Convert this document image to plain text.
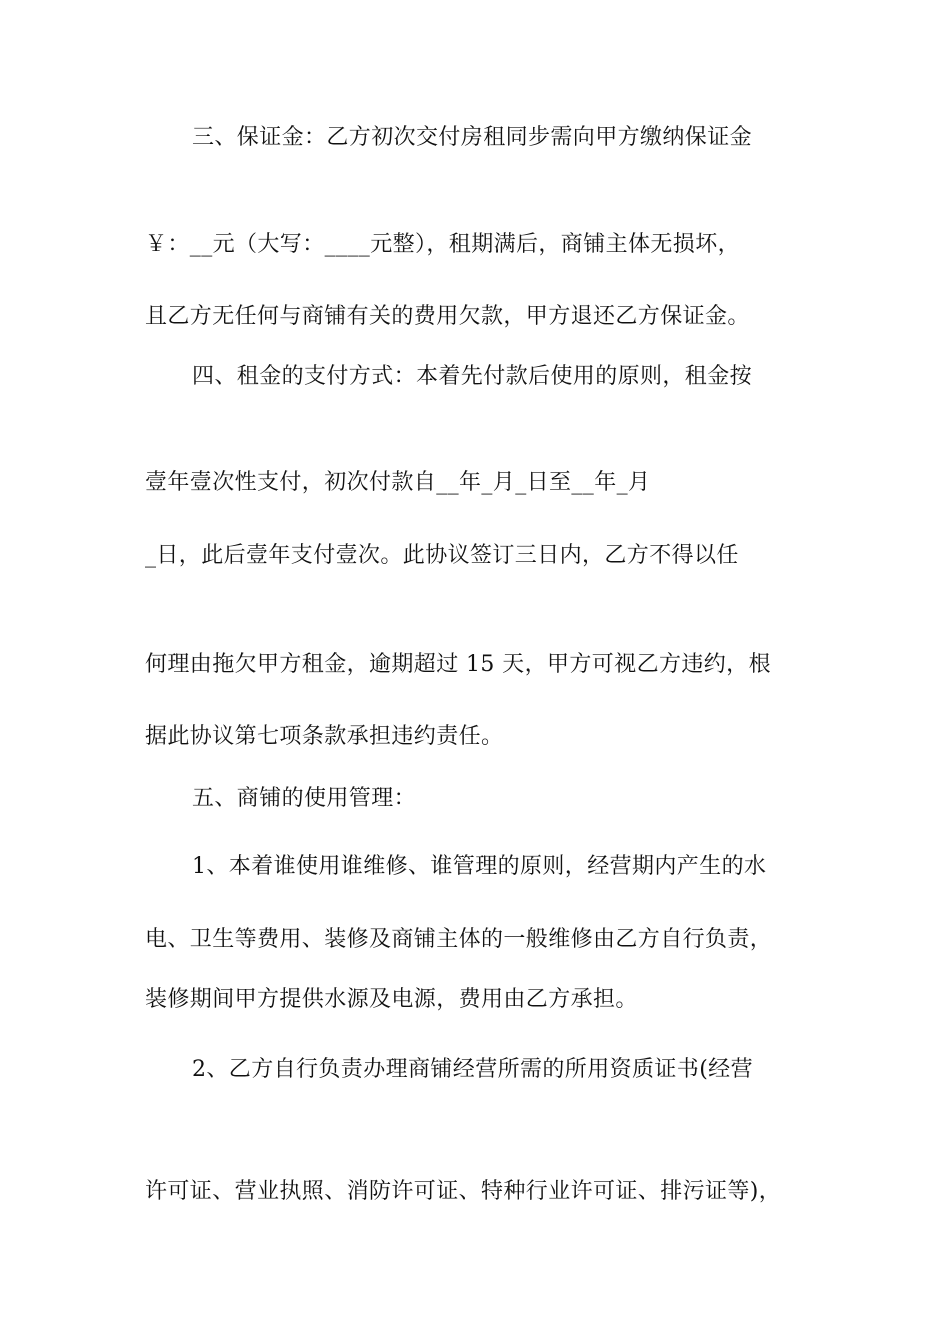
三、保证金：乙方初次交付房租同步需向甲方缴纳保证金
￥：__元（大写：____元整），租期满后，商铺主体无损坏，
且乙方无任何与商铺有关的费用欠款，甲方退还乙方保证金。
四、租金的支付方式：本着先付款后使用的原则，租金按
壹年壹次性支付，初次付款自__年_月_日至__年_月
_日，此后壹年支付壹次。此协议签订三日内，乙方不得以任
何理由拖欠甲方租金，逾期超过 15 天，甲方可视乙方违约，根
据此协议第七项条款承担违约责任。
五、商铺的使用管理：
1、本着谁使用谁维修、谁管理的原则，经营期内产生的水
电、卫生等费用、装修及商铺主体的一般维修由乙方自行负责，
装修期间甲方提供水源及电源，费用由乙方承担。
2、乙方自行负责办理商铺经营所需的所用资质证书(经营
许可证、营业执照、消防许可证、特种行业许可证、排污证等)，
